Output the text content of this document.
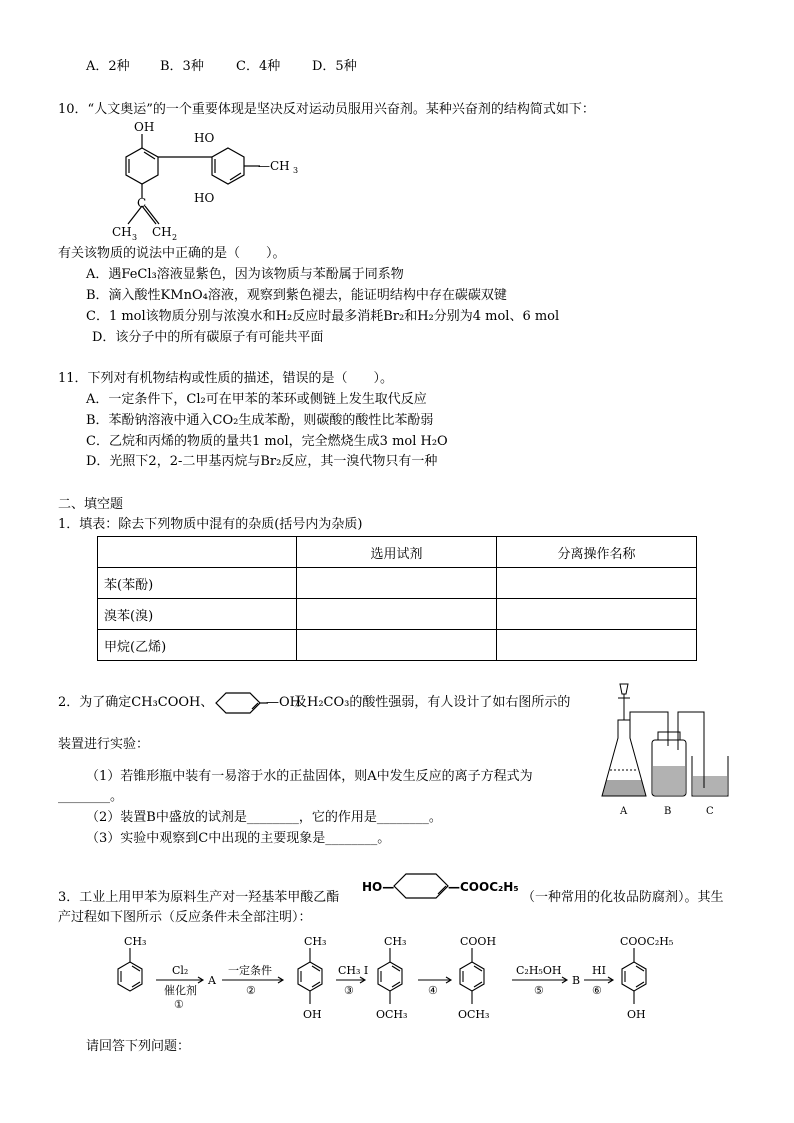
A．2种 B．3种 C．4种 D．5种
10．“人文奥运”的一个重要体现是坚决反对运动员服用兴奋剂。某种兴奋剂的结构简式如下：
OH
HO
HO
—CH 3
C
CH 3 CH 2
有关该物质的说法中正确的是（　　）。
A．遇FeCl₃溶液显紫色，因为该物质与苯酚属于同系物
B．滴入酸性KMnO₄溶液，观察到紫色褪去，能证明结构中存在碳碳双键
C．1 mol该物质分别与浓溴水和H₂反应时最多消耗Br₂和H₂分别为4 mol、6 mol
D．该分子中的所有碳原子有可能共平面
11．下列对有机物结构或性质的描述，错误的是（　　）。
A．一定条件下，Cl₂可在甲苯的苯环或侧链上发生取代反应
B．苯酚钠溶液中通入CO₂生成苯酚，则碳酸的酸性比苯酚弱
C．乙烷和丙烯的物质的量共1 mol，完全燃烧生成3 mol H₂O
D．光照下2，2-二甲基丙烷与Br₂反应，其一溴代物只有一种
二、填空题
1．填表：除去下列物质中混有的杂质(括号内为杂质)
	选用试剂	分离操作名称
苯(苯酚)		
溴苯(溴)		
甲烷(乙烯)		
2．为了确定CH₃COOH、	—OH
及H₂CO₃的酸性强弱，有人设计了如右图所示的
装置进行实验：
（1）若锥形瓶中装有一易溶于水的正盐固体，则A中发生反应的离子方程式为
________。
（2）装置B中盛放的试剂是________，它的作用是________。
（3）实验中观察到C中出现的主要现象是________。
A	B	C
3．工业上用甲苯为原料生产对一羟基苯甲酸乙酯
HO—	—COOC₂H₅
（一种常用的化妆品防腐剂）。其生
产过程如下图所示（反应条件未全部注明）：
CH₃
Cl₂
催化剂
①
A
一定条件
②
CH₃
OH
CH₃ I
③
CH₃
OCH₃
④
COOH
OCH₃
C₂H₅OH
⑤
B
HI
⑥
COOC₂H₅
OH
请回答下列问题：
